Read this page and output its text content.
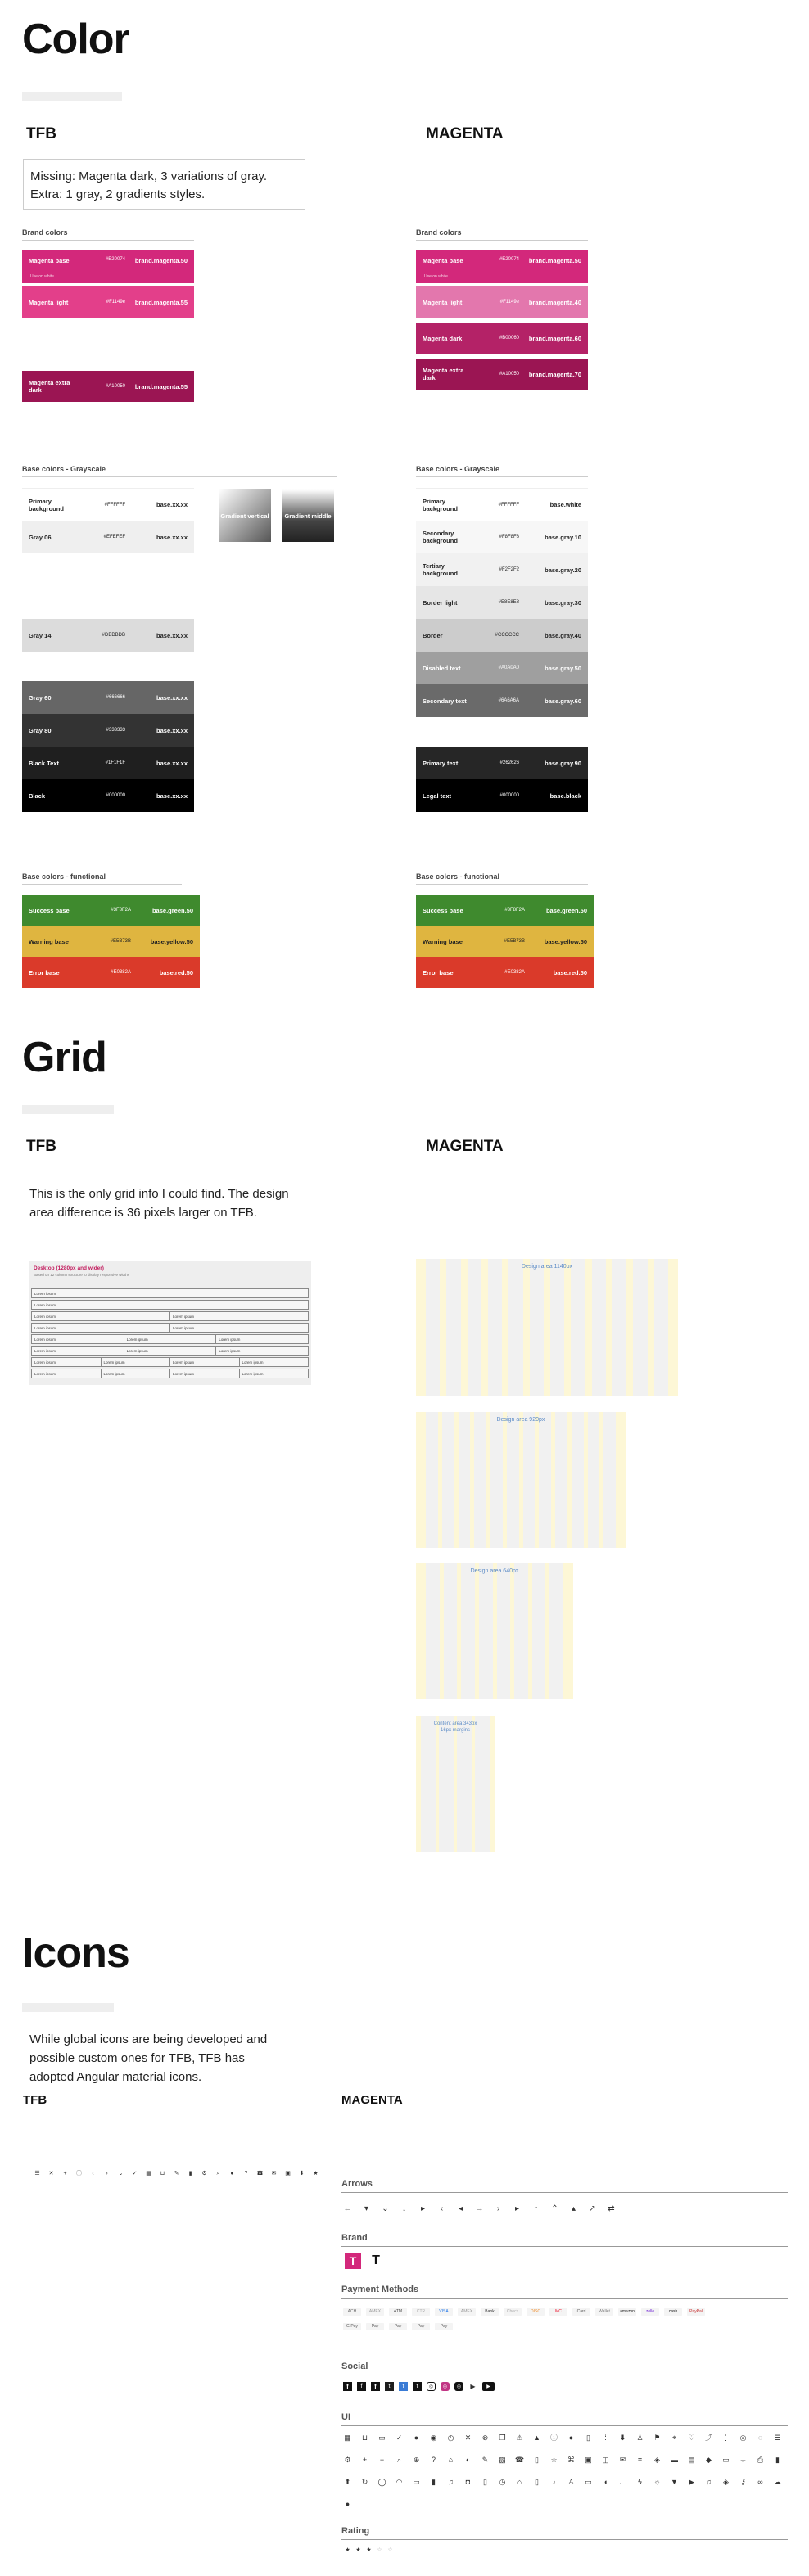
Color
TFB	MAGENTA
Missing: Magenta dark, 3 variations of gray.
Extra: 1 gray, 2 gradients styles.
Brand colors
Magenta base	#E20074	brand.magenta.50
Use on white
Magenta light	#F1149e	brand.magenta.55
Magenta extra dark	#A10050	brand.magenta.55
Brand colors
Magenta base	#E20074	brand.magenta.50
Use on white
Magenta light	#F1149e	brand.magenta.40
Magenta dark	#B00060	brand.magenta.60
Magenta extra dark	#A10050	brand.magenta.70
Base colors - Grayscale
Primary background	#FFFFFF	base.xx.xx
Gray 06	#EFEFEF	base.xx.xx
Gray 14	#DBDBDB	base.xx.xx
Gray 60	#666666	base.xx.xx
Gray 80	#333333	base.xx.xx
Black Text	#1F1F1F	base.xx.xx
Black	#000000	base.xx.xx
Gradient vertical	Gradient middle
Base colors - Grayscale
Primary background	#FFFFFF	base.white
Secondary background	#F8F8F8	base.gray.10
Tertiary background	#F2F2F2	base.gray.20
Border light	#E8E8E8	base.gray.30
Border	#CCCCCC	base.gray.40
Disabled text	#A0A0A0	base.gray.50
Secondary text	#6A6A6A	base.gray.60
Primary text	#262626	base.gray.90
Legal text	#000000	base.black
Base colors - functional
Success base	#3F8F2A	base.green.50
Warning base	#E5B73B	base.yellow.50
Error base	#E0382A	base.red.50
Base colors - functional
Success base	#3F8F2A	base.green.50
Warning base	#E5B73B	base.yellow.50
Error base	#E0382A	base.red.50
Grid
TFB	MAGENTA
This is the only grid info I could find. The design
area difference is 36 pixels larger on TFB.
Desktop (1280px and wider)
Based on 12 column structure to display responsive widths
Lorem ipsum
Lorem ipsum
Lorem ipsum	Lorem ipsum
Lorem ipsum	Lorem ipsum
Lorem ipsum	Lorem ipsum	Lorem ipsum
Lorem ipsum	Lorem ipsum	Lorem ipsum
Lorem ipsum	Lorem ipsum	Lorem ipsum	Lorem ipsum
Lorem ipsum	Lorem ipsum	Lorem ipsum	Lorem ipsum
Design area 1140px
Design area 920px
Design area 640px
Content area 343px
16px margins
Icons
While global icons are being developed and
possible custom ones for TFB, TFB has
adopted Angular material icons.
TFB	MAGENTA
☰	✕	+	ⓘ	‹	›	⌄	✓	▦	⊔	✎	▮	⚙	⌕	●	?	☎	✉	▣	⬇	★
Arrows
← ▾ ⌄	↓	▸	‹	◂ →	›	▸	↑	⌃ ▴ ↗ ⇄
Brand
T	T
Payment Methods
ACH	AMEX	ATM	CTR	VISA	AMEX	Bank	Check	DISC	MC	Card	Wallet	amazon	zelle	cash	PayPal
G Pay	Pay	Pay	Pay	Pay
Social
f	f	f	t	t	t	◎	◎	◎	▶	▶
UI
▦ ⊔ ▭ ✓	●	◉ ◷ ✕ ⊗ ❐ ⚠ ▲ ⓘ	●	▯	⁞	⬇ ♙ ⚑	⌖	♡ ⤴ ⋮ ◎	◌	☰
⚙	+	−	⌕	⊕	?	⌂	◐	✎ ▨ ☎	▯	☆ ⌘ ▣ ◫ ✉	≡	◈ ▬ ▤ ◆ ▭ ⏚ ⎙	▮
⬆ ↻ ◯ ◠ ▭	▮	♫	◘	▯	◷	⌂	▯	♪	♙ ▭	◖	♩	ϟ	☼ ▼ ▶ ♫ ◈ ⚷ ∞ ☁
●
Rating
★ ★ ★ ☆ ☆
